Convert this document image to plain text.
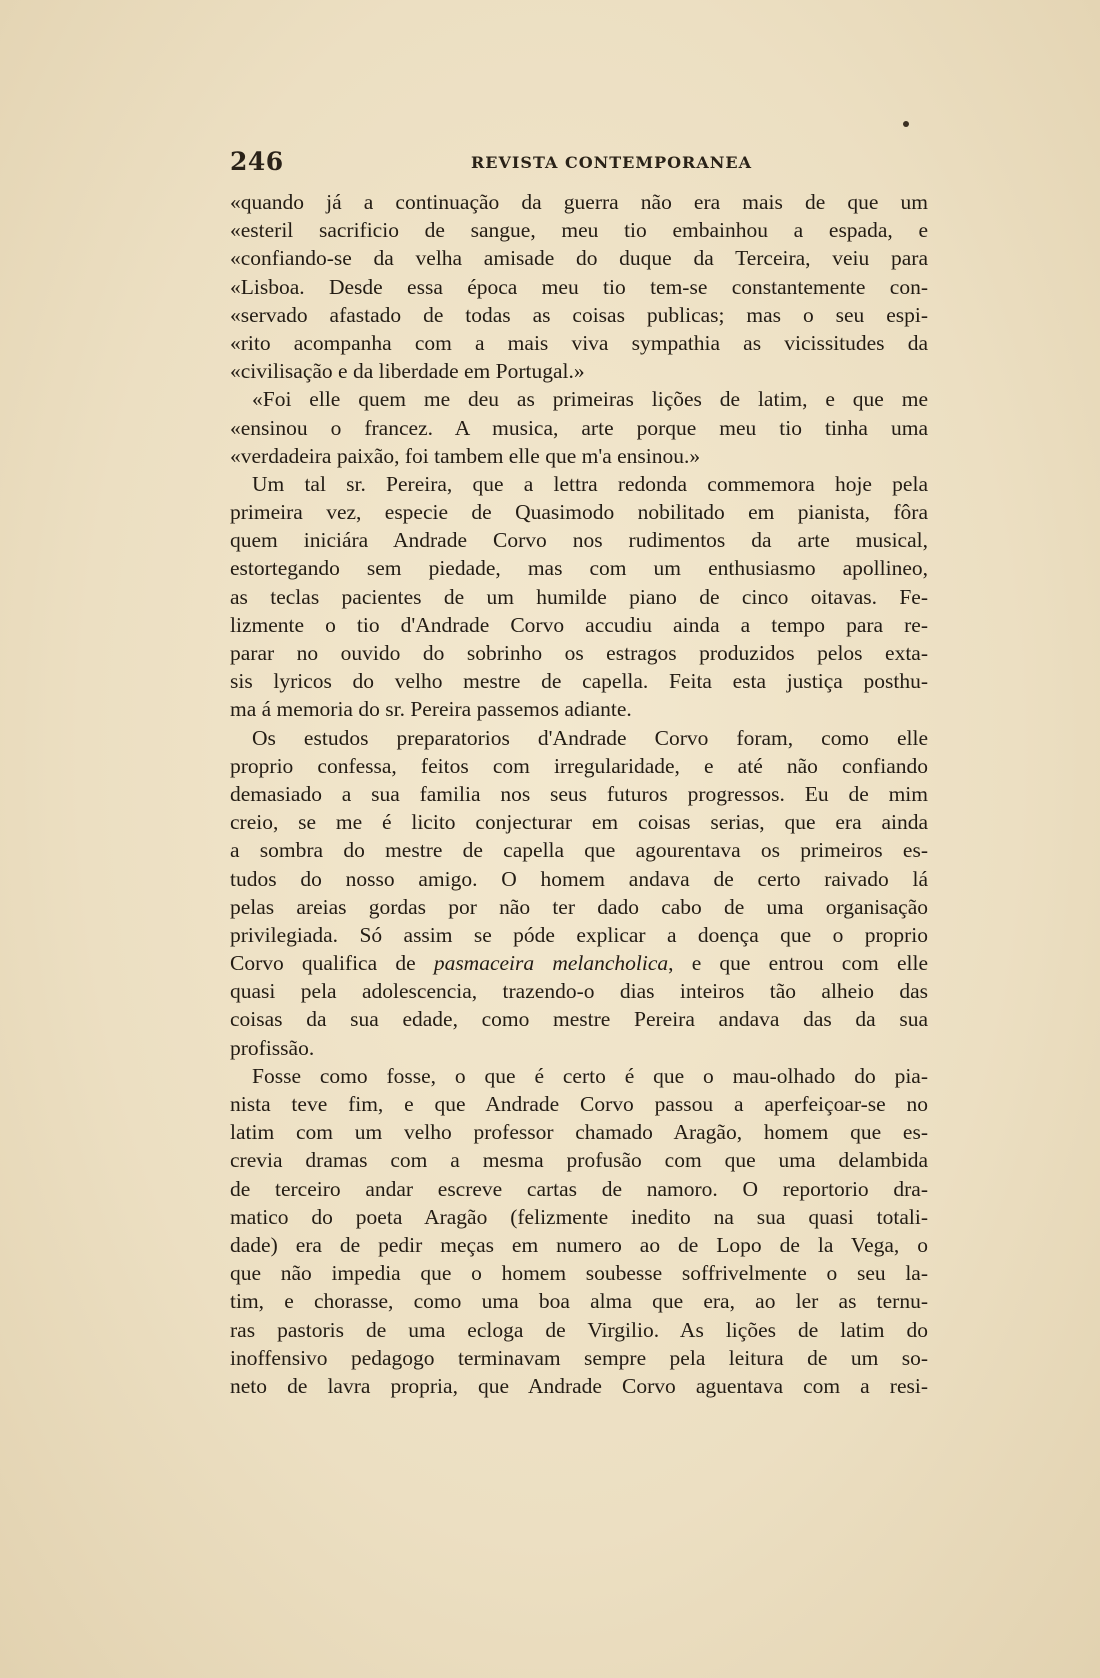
246	REVISTA CONTEMPORANEA
«quando já a continuação da guerra não era mais de que um
«esteril sacrificio de sangue, meu tio embainhou a espada, e
«confiando-se da velha amisade do duque da Terceira, veiu para
«Lisboa. Desde essa época meu tio tem-se constantemente con-
«servado afastado de todas as coisas publicas; mas o seu espi-
«rito acompanha com a mais viva sympathia as vicissitudes da
«civilisação e da liberdade em Portugal.»
«Foi elle quem me deu as primeiras lições de latim, e que me
«ensinou o francez. A musica, arte porque meu tio tinha uma
«verdadeira paixão, foi tambem elle que m'a ensinou.»
Um tal sr. Pereira, que a lettra redonda commemora hoje pela
primeira vez, especie de Quasimodo nobilitado em pianista, fôra
quem iniciára Andrade Corvo nos rudimentos da arte musical,
estortegando sem piedade, mas com um enthusiasmo apollineo,
as teclas pacientes de um humilde piano de cinco oitavas. Fe-
lizmente o tio d'Andrade Corvo accudiu ainda a tempo para re-
parar no ouvido do sobrinho os estragos produzidos pelos exta-
sis lyricos do velho mestre de capella. Feita esta justiça posthu-
ma á memoria do sr. Pereira passemos adiante.
Os estudos preparatorios d'Andrade Corvo foram, como elle
proprio confessa, feitos com irregularidade, e até não confiando
demasiado a sua familia nos seus futuros progressos. Eu de mim
creio, se me é licito conjecturar em coisas serias, que era ainda
a sombra do mestre de capella que agourentava os primeiros es-
tudos do nosso amigo. O homem andava de certo raivado lá
pelas areias gordas por não ter dado cabo de uma organisação
privilegiada. Só assim se póde explicar a doença que o proprio
Corvo qualifica de pasmaceira melancholica, e que entrou com elle
quasi pela adolescencia, trazendo-o dias inteiros tão alheio das
coisas da sua edade, como mestre Pereira andava das da sua
profissão.
Fosse como fosse, o que é certo é que o mau-olhado do pia-
nista teve fim, e que Andrade Corvo passou a aperfeiçoar-se no
latim com um velho professor chamado Aragão, homem que es-
crevia dramas com a mesma profusão com que uma delambida
de terceiro andar escreve cartas de namoro. O reportorio dra-
matico do poeta Aragão (felizmente inedito na sua quasi totali-
dade) era de pedir meças em numero ao de Lopo de la Vega, o
que não impedia que o homem soubesse soffrivelmente o seu la-
tim, e chorasse, como uma boa alma que era, ao ler as ternu-
ras pastoris de uma ecloga de Virgilio. As lições de latim do
inoffensivo pedagogo terminavam sempre pela leitura de um so-
neto de lavra propria, que Andrade Corvo aguentava com a resi-
